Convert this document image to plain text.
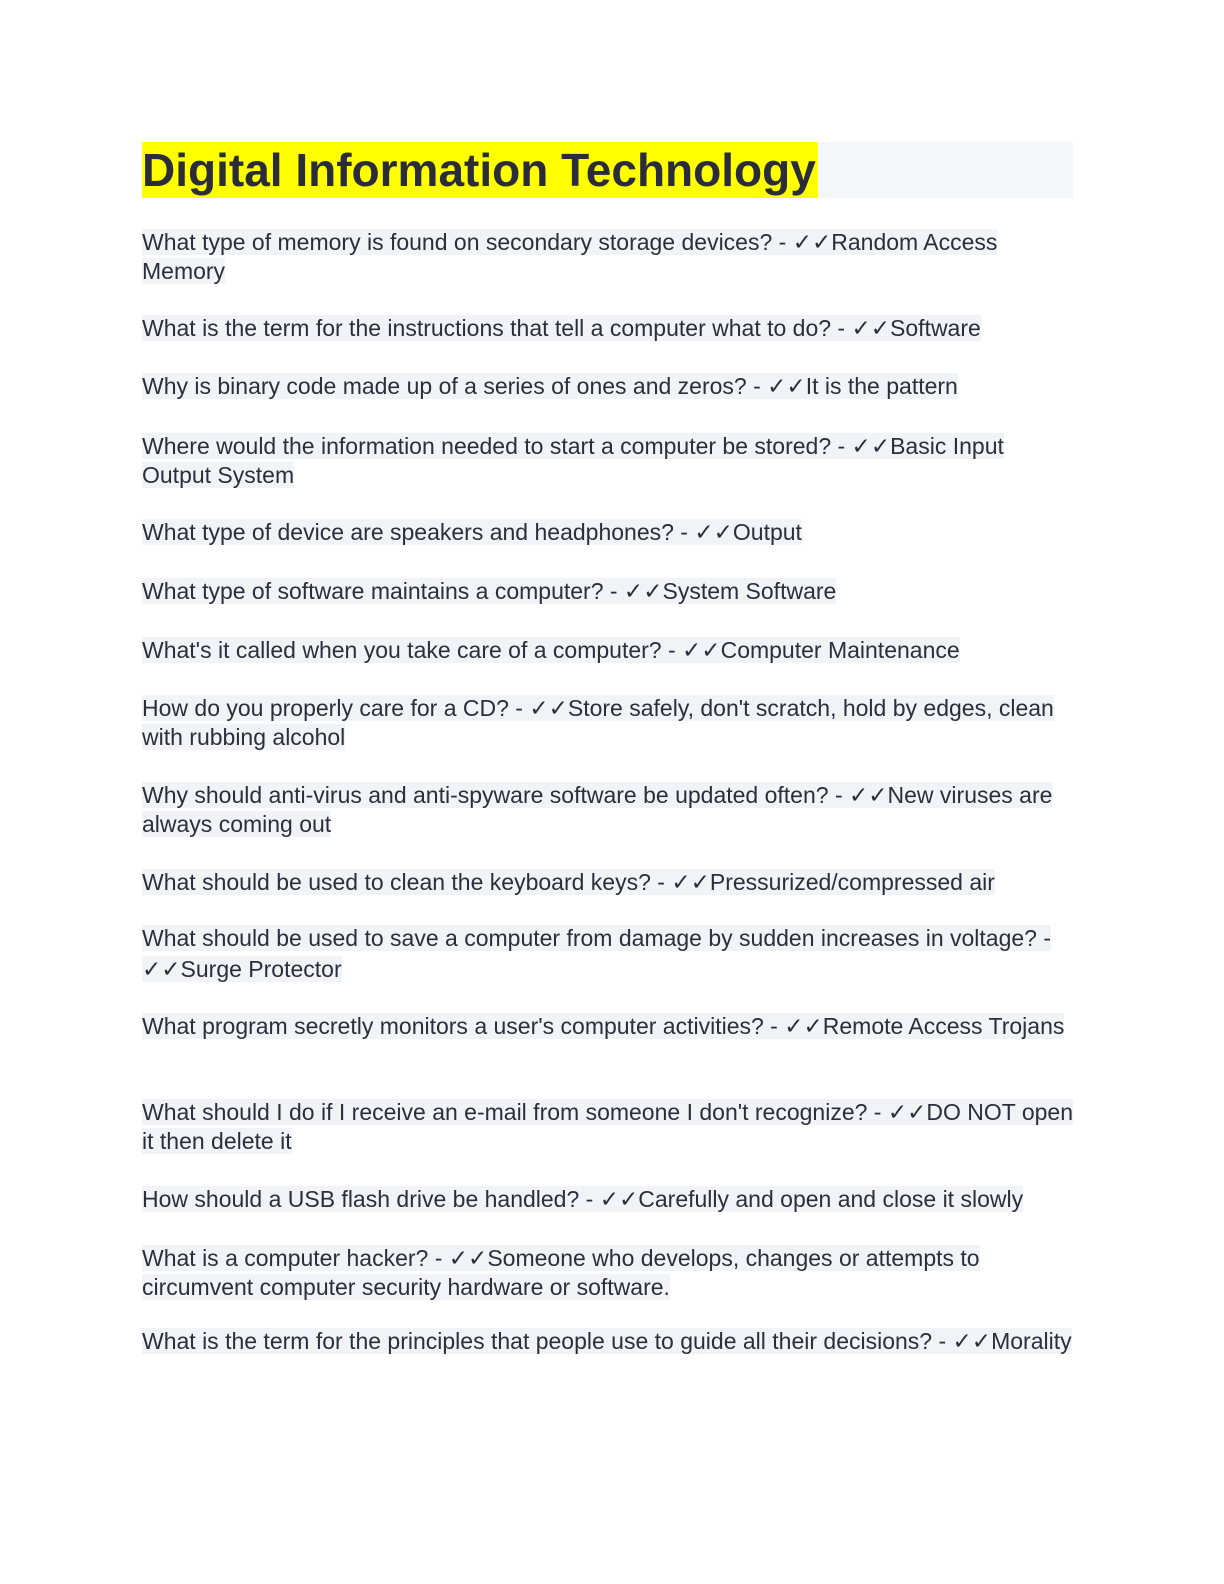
Digital Information Technology

What type of memory is found on secondary storage devices? - ✓✓Random Access Memory

What is the term for the instructions that tell a computer what to do? - ✓✓Software

Why is binary code made up of a series of ones and zeros? - ✓✓It is the pattern

Where would the information needed to start a computer be stored? - ✓✓Basic Input Output System

What type of device are speakers and headphones? - ✓✓Output

What type of software maintains a computer? - ✓✓System Software

What's it called when you take care of a computer? - ✓✓Computer Maintenance

How do you properly care for a CD? - ✓✓Store safely, don't scratch, hold by edges, clean with rubbing alcohol

Why should anti-virus and anti-spyware software be updated often? - ✓✓New viruses are always coming out

What should be used to clean the keyboard keys? - ✓✓Pressurized/compressed air

What should be used to save a computer from damage by sudden increases in voltage? - ✓✓Surge Protector

What program secretly monitors a user's computer activities? - ✓✓Remote Access Trojans

What should I do if I receive an e-mail from someone I don't recognize? - ✓✓DO NOT open it then delete it

How should a USB flash drive be handled? - ✓✓Carefully and open and close it slowly

What is a computer hacker? - ✓✓Someone who develops, changes or attempts to circumvent computer security hardware or software.

What is the term for the principles that people use to guide all their decisions? - ✓✓Morality
